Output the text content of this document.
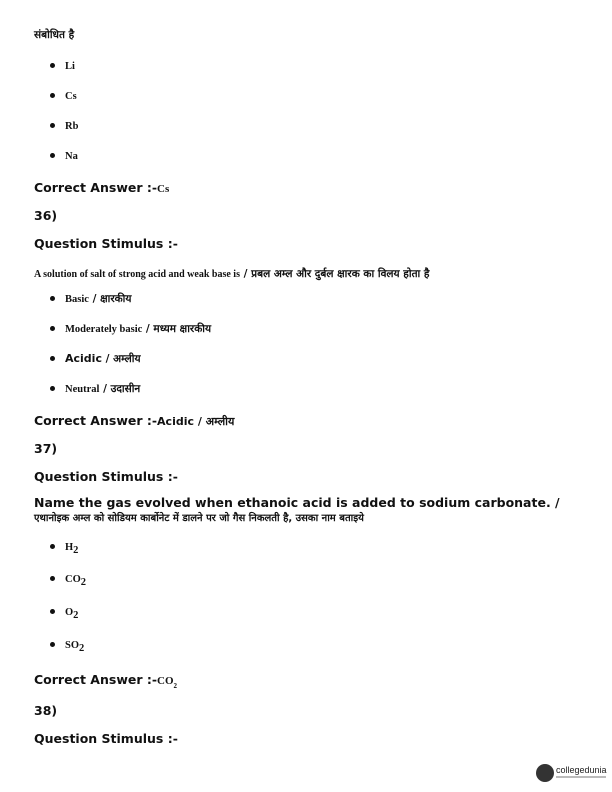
संबोधित है
Li
Cs
Rb
Na
Correct Answer :-Cs
36)
Question Stimulus :-
A solution of salt of strong acid and weak base is / प्रबल अम्ल और दुर्बल क्षारक का विलय होता है
Basic / क्षारकीय
Moderately basic / मध्यम क्षारकीय
Acidic / अम्लीय
Neutral / उदासीन
Correct Answer :-Acidic / अम्लीय
37)
Question Stimulus :-
Name the gas evolved when ethanoic acid is added to sodium carbonate. /
एथानोइक अम्ल को सोडियम कार्बोनेट में डालने पर जो गैस निकलती है, उसका नाम बताइये
$H_2$
$CO_2$
$O_2$
$SO_2$
Correct Answer $:-CO_2$
38)
Question Stimulus :-
collegedunia
